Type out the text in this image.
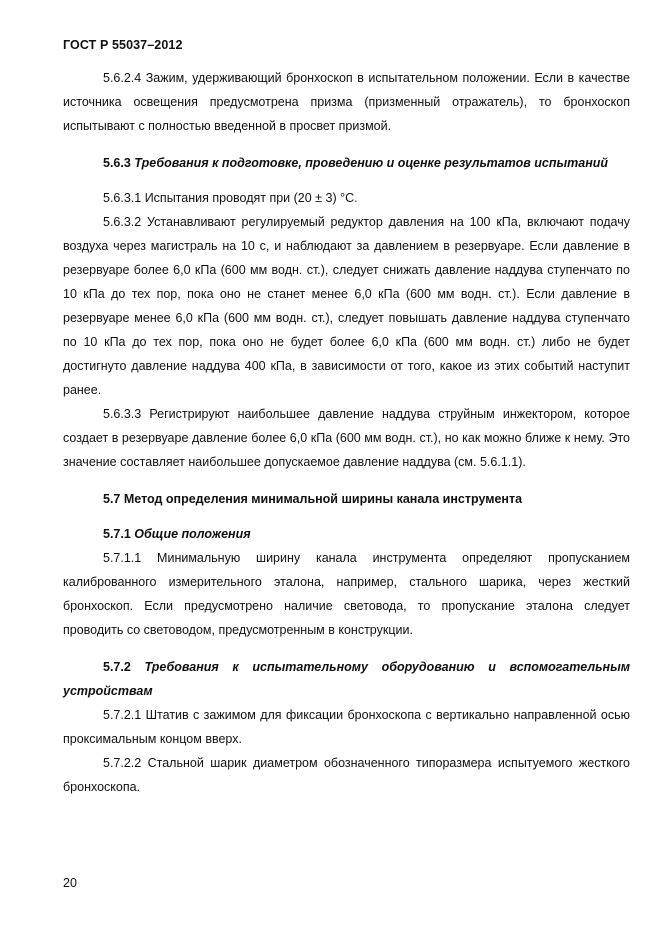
ГОСТ Р 55037–2012

5.6.2.4 Зажим, удерживающий бронхоскоп в испытательном положении. Если в качестве источника освещения предусмотрена призма (призменный отражатель), то бронхоскоп испытывают с полностью введенной в просвет призмой.

5.6.3 Требования к подготовке, проведению и оценке результатов испытаний

5.6.3.1 Испытания проводят при (20 ± 3) °С.

5.6.3.2 Устанавливают регулируемый редуктор давления на 100 кПа, включают подачу воздуха через магистраль на 10 с, и наблюдают за давлением в резервуаре. Если давление в резервуаре более 6,0 кПа (600 мм водн. ст.), следует снижать давление наддува ступенчато по 10 кПа до тех пор, пока оно не станет менее 6,0 кПа (600 мм водн. ст.). Если давление в резервуаре менее 6,0 кПа (600 мм водн. ст.), следует повышать давление наддува ступенчато по 10 кПа до тех пор, пока оно не будет более 6,0 кПа (600 мм водн. ст.) либо не будет достигнуто давление наддува 400 кПа, в зависимости от того, какое из этих событий наступит ранее.

5.6.3.3 Регистрируют наибольшее давление наддува струйным инжектором, которое создает в резервуаре давление более 6,0 кПа (600 мм водн. ст.), но как можно ближе к нему. Это значение составляет наибольшее допускаемое давление наддува (см. 5.6.1.1).

5.7 Метод определения минимальной ширины канала инструмента

5.7.1 Общие положения

5.7.1.1 Минимальную ширину канала инструмента определяют пропусканием калиброванного измерительного эталона, например, стального шарика, через жесткий бронхоскоп. Если предусмотрено наличие световода, то пропускание эталона следует проводить со световодом, предусмотренным в конструкции.

5.7.2 Требования к испытательному оборудованию и вспомогательным устройствам

5.7.2.1 Штатив с зажимом для фиксации бронхоскопа с вертикально направленной осью проксимальным концом вверх.

5.7.2.2 Стальной шарик диаметром обозначенного типоразмера испытуемого жесткого бронхоскопа.

20
